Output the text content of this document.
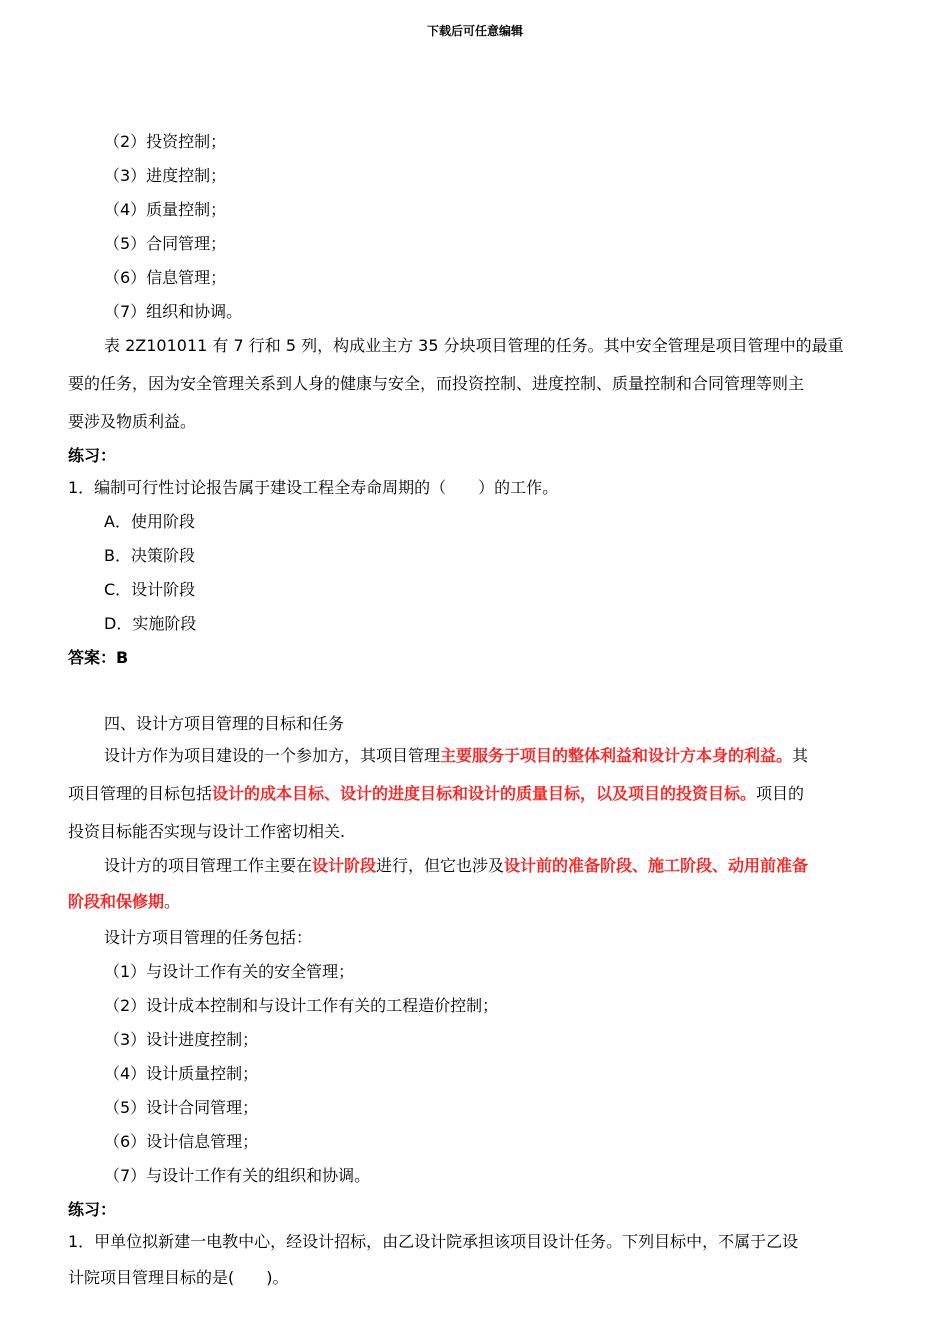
下载后可任意编辑
（2）投资控制；
（3）进度控制；
（4）质量控制；
（5）合同管理；
（6）信息管理；
（7）组织和协调。
表 2Z101011 有 7 行和 5 列，构成业主方 35 分块项目管理的任务。其中安全管理是项目管理中的最重
要的任务，因为安全管理关系到人身的健康与安全，而投资控制、进度控制、质量控制和合同管理等则主
要涉及物质利益。
练习：
1．编制可行性讨论报告属于建设工程全寿命周期的（　　）的工作。
A．使用阶段
B．决策阶段
C．设计阶段
D．实施阶段
答案：B
四、设计方项目管理的目标和任务
设计方作为项目建设的一个参加方，其项目管理主要服务于项目的整体利益和设计方本身的利益。其
项目管理的目标包括设计的成本目标、设计的进度目标和设计的质量目标，以及项目的投资目标。项目的
投资目标能否实现与设计工作密切相关.
设计方的项目管理工作主要在设计阶段进行，但它也涉及设计前的准备阶段、施工阶段、动用前准备
阶段和保修期。
设计方项目管理的任务包括：
（1）与设计工作有关的安全管理；
（2）设计成本控制和与设计工作有关的工程造价控制；
（3）设计进度控制；
（4）设计质量控制；
（5）设计合同管理；
（6）设计信息管理；
（7）与设计工作有关的组织和协调。
练习：
1．甲单位拟新建一电教中心，经设计招标，由乙设计院承担该项目设计任务。下列目标中，不属于乙设
计院项目管理目标的是(　　)。
